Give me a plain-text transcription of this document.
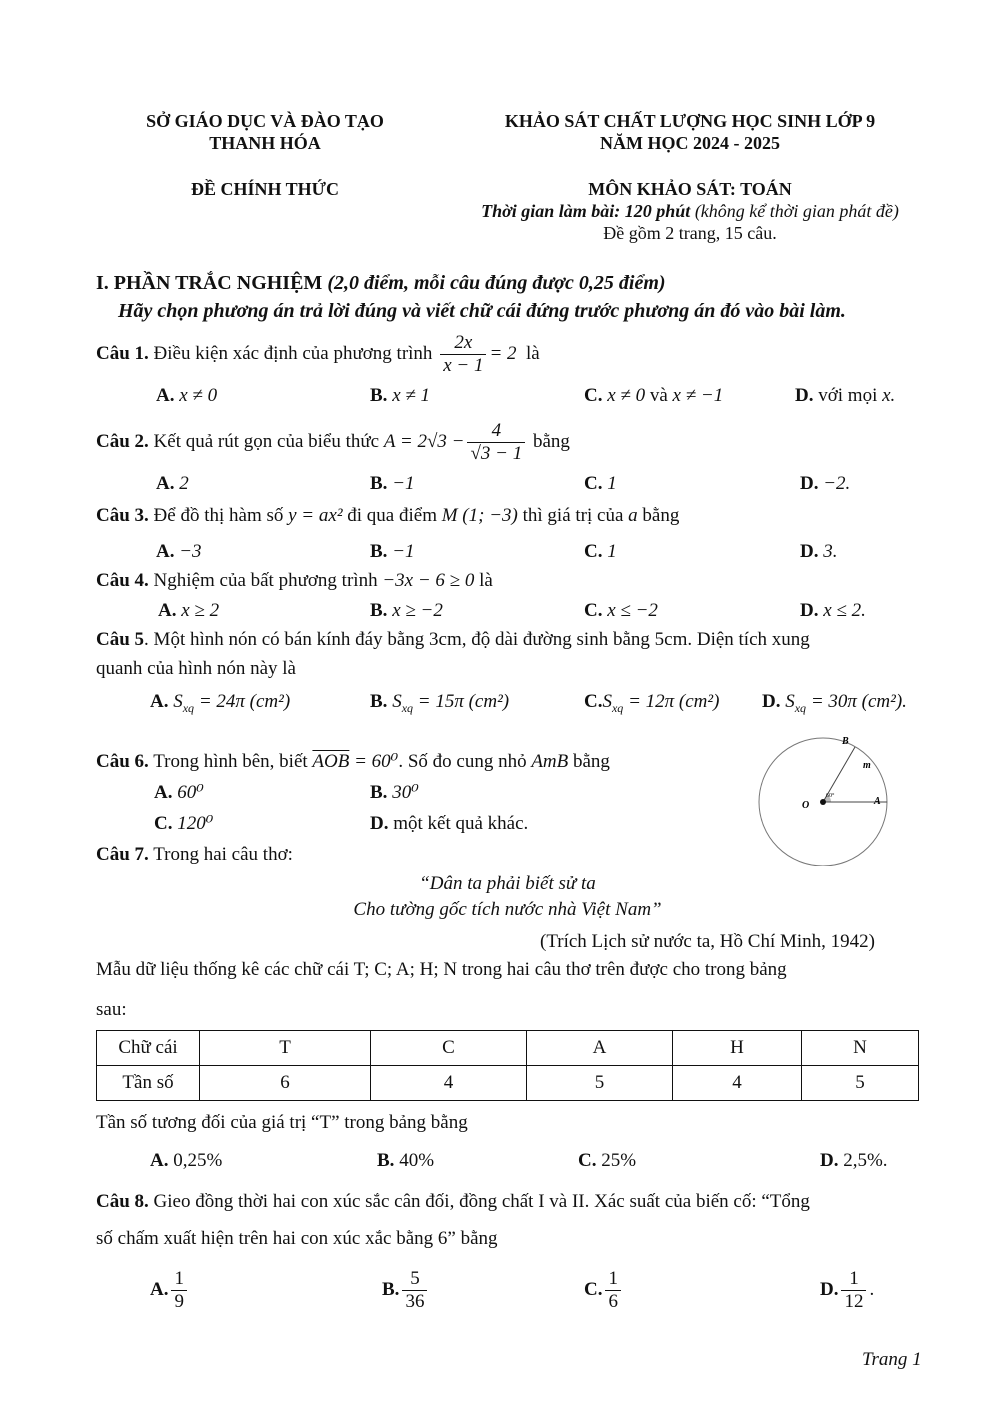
SỞ GIÁO DỤC VÀ ĐÀO TẠO
THANH HÓA
ĐỀ CHÍNH THỨC
KHẢO SÁT CHẤT LƯỢNG HỌC SINH LỚP 9
NĂM HỌC 2024 - 2025
MÔN KHẢO SÁT: TOÁN
Thời gian làm bài: 120 phút (không kể thời gian phát đề)
Đề gồm 2 trang, 15 câu.
I. PHẦN TRẮC NGHIỆM (2,0 điểm, mỗi câu đúng được 0,25 điểm)
Hãy chọn phương án trả lời đúng và viết chữ cái đứng trước phương án đó vào bài làm.
Câu 1. Điều kiện xác định của phương trình $\frac{2x}{x - 1} = 2$ là
A. x ≠ 0	B. x ≠ 1	C. x ≠ 0 và x ≠ −1	D. với mọi x.
Câu 2. Kết quả rút gọn của biểu thức $A = 2√3 - \frac{4}{√3 - 1}$ bằng
A. 2	B. −1	C. 1	D. −2.
Câu 3. Để đồ thị hàm số y = ax² đi qua điểm M (1; −3) thì giá trị của a bằng
A. −3	B. −1	C. 1	D. 3.
Câu 4. Nghiệm của bất phương trình −3x − 6 ≥ 0 là
A. x ≥ 2	B. x ≥ −2	C. x ≤ −2	D. x ≤ 2.
Câu 5. Một hình nón có bán kính đáy bằng 3cm, độ dài đường sinh bằng 5cm. Diện tích xung
quanh của hình nón này là
A. $S_{xq} = 24\pi$ (cm²)	B. $S_{xq} = 15\pi$ (cm²)	$C.S_{xq} = 12\pi$ (cm²) D. $S_{xq} = 30\pi$ (cm²).
Câu 6. Trong hình bên, biết $\overline{AOB} = 60^0$. Số đo cung nhỏ AmB bằng
A. 60⁰	B. 30⁰
C. 120⁰	D. một kết quả khác.
B
m
O	A
60°
Câu 7. Trong hai câu thơ:
“Dân ta phải biết sử ta
Cho tường gốc tích nước nhà Việt Nam”
(Trích Lịch sử nước ta, Hồ Chí Minh, 1942)
Mẫu dữ liệu thống kê các chữ cái T; C; A; H; N trong hai câu thơ trên được cho trong bảng
sau:
Chữ cái	T	C	A	H	N
Tần số	6	4	5	4	5
Tần số tương đối của giá trị “T” trong bảng bằng
A. 0,25%	B. 40%	C. 25%	D. 2,5%.
Câu 8. Gieo đồng thời hai con xúc sắc cân đối, đồng chất I và II. Xác suất của biến cố: “Tổng
số chấm xuất hiện trên hai con xúc xắc bằng 6” bằng
A. $\frac{1}{9}$	B. $\frac{5}{36}$	C. $\frac{1}{6}$	D. $\frac{1}{12}$ .
Trang 1
